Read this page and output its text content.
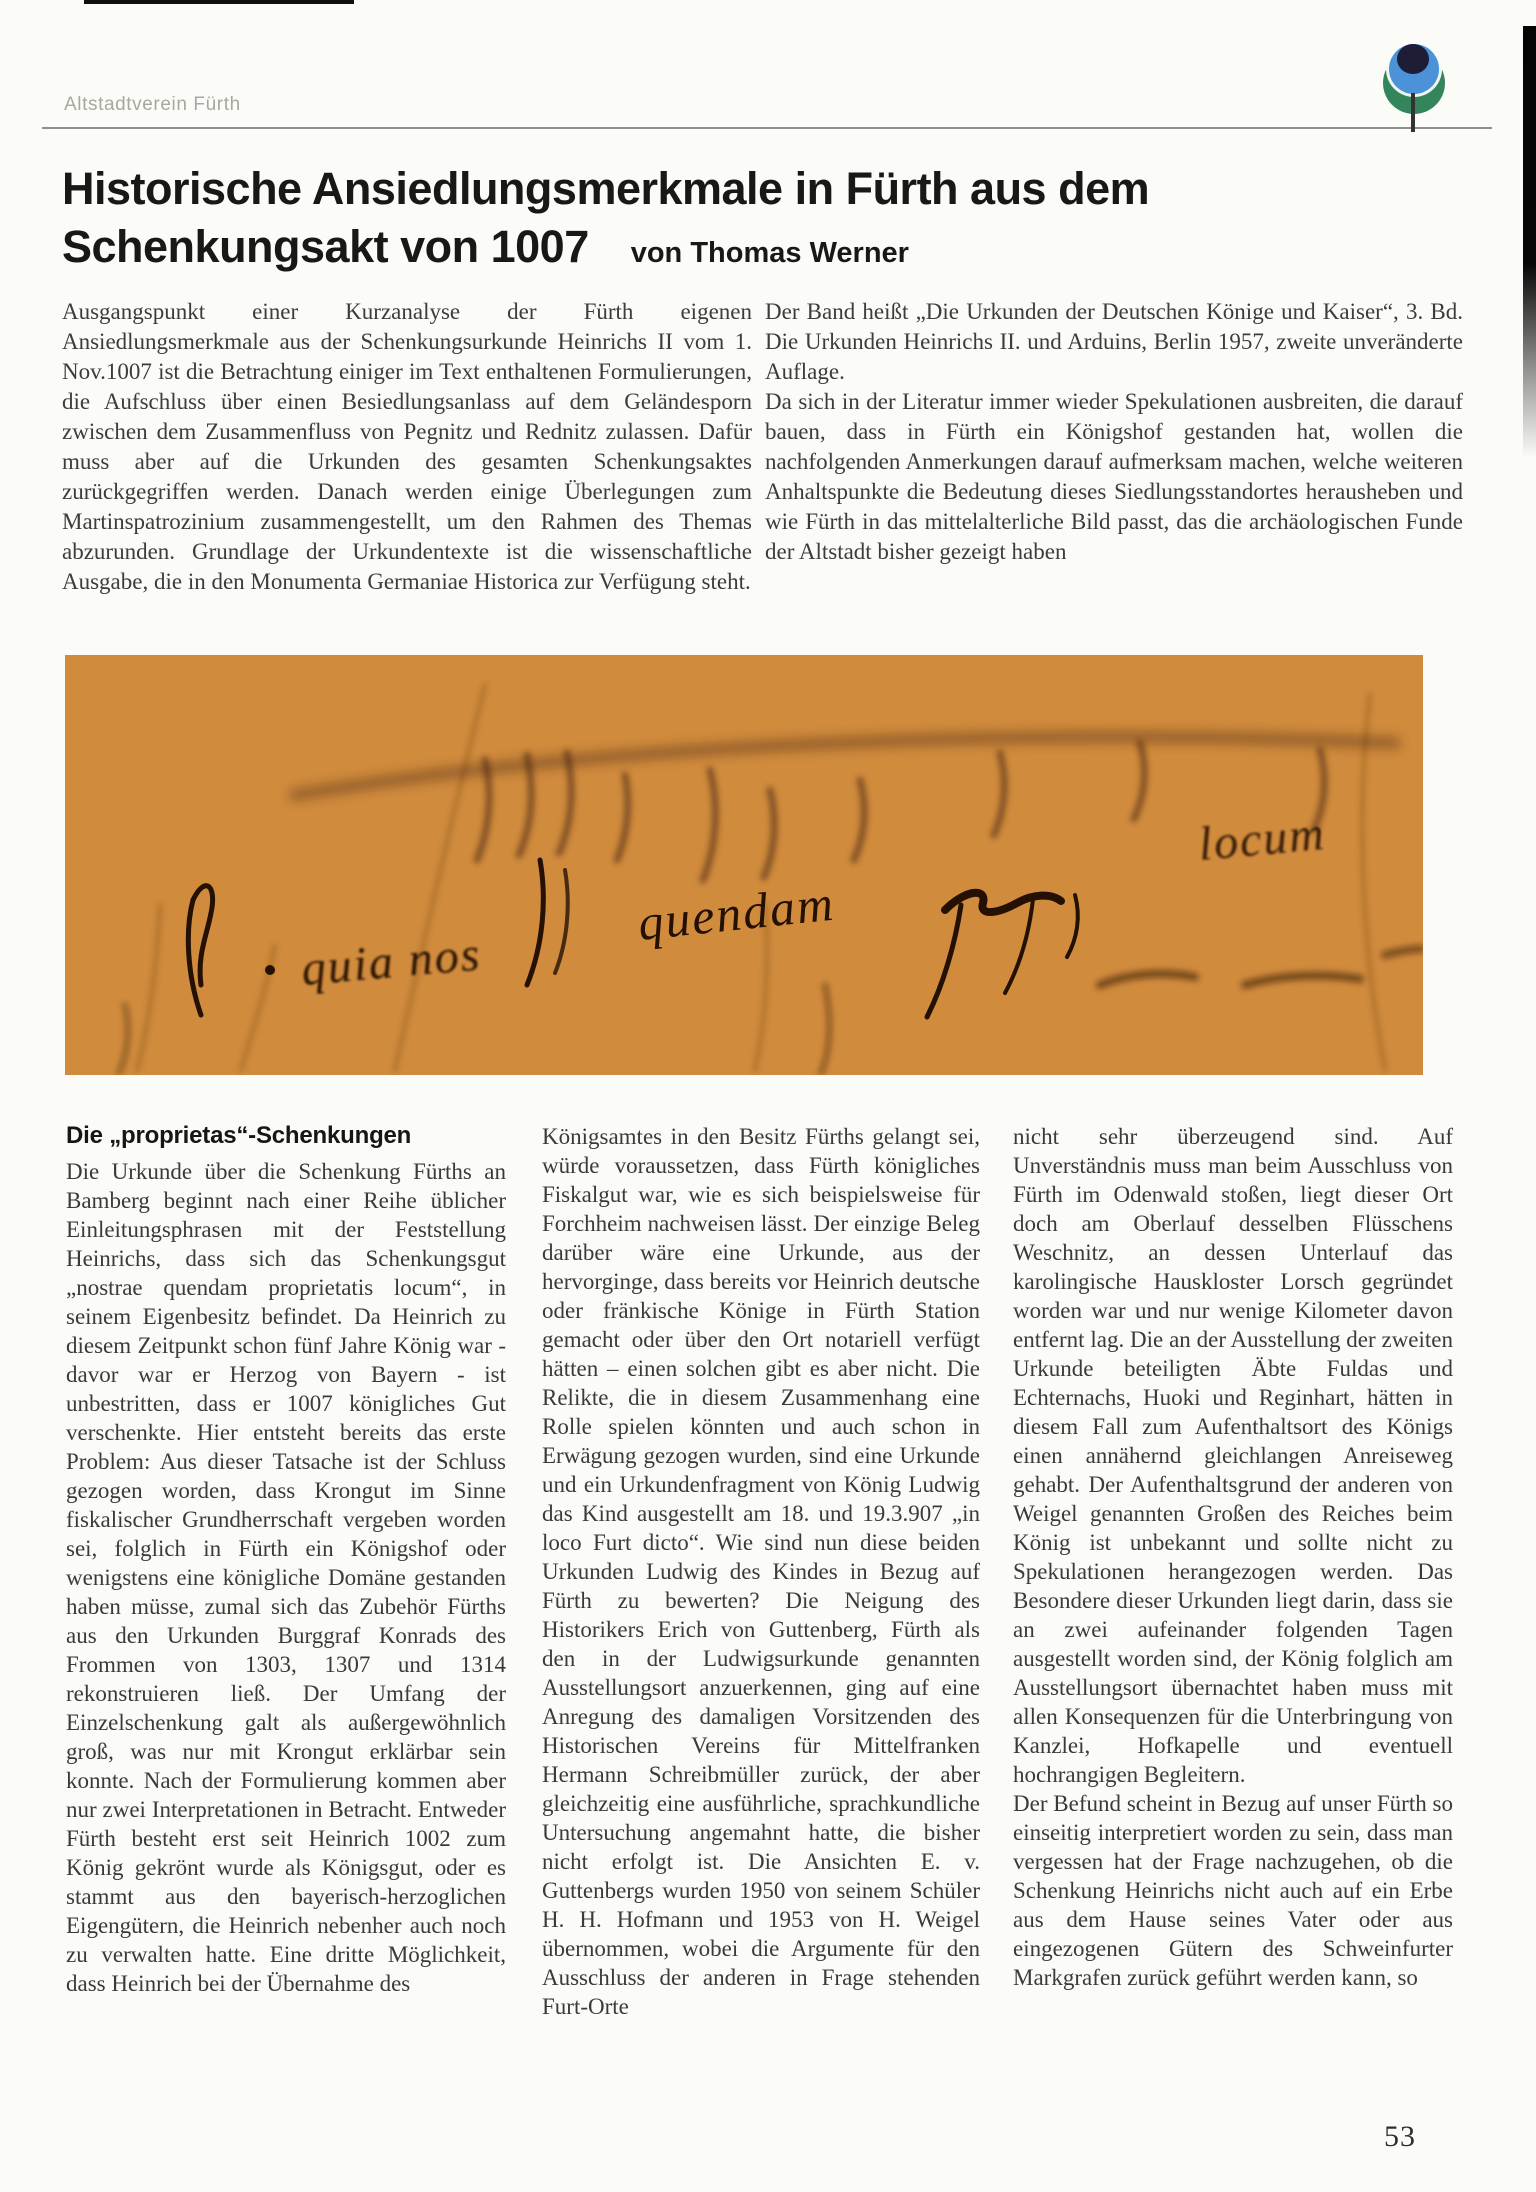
Altstadtverein Fürth
Historische Ansiedlungsmerkmale in Fürth aus dem
Schenkungsakt von 1007 von Thomas Werner

Ausgangspunkt einer Kurzanalyse der Fürth eigenen Ansiedlungsmerkmale aus der Schenkungsurkunde Heinrichs II vom 1. Nov.1007 ist die Betrachtung einiger im Text enthaltenen Formulierungen, die Aufschluss über einen Besiedlungsanlass auf dem Geländesporn zwischen dem Zusammenfluss von Pegnitz und Rednitz zulassen. Dafür muss aber auf die Urkunden des gesamten Schenkungsaktes zurückgegriffen werden. Danach werden einige Überlegungen zum Martinspatrozinium zusammengestellt, um den Rahmen des Themas abzurunden. Grundlage der Urkundentexte ist die wissenschaftliche Ausgabe, die in den Monumenta Germaniae Historica zur Verfügung steht.

Der Band heißt „Die Urkunden der Deutschen Könige und Kaiser“, 3. Bd. Die Urkunden Heinrichs II. und Arduins, Berlin 1957, zweite unveränderte Auflage.

Da sich in der Literatur immer wieder Spekulationen ausbreiten, die darauf bauen, dass in Fürth ein Königshof gestanden hat, wollen die nachfolgenden Anmerkungen darauf aufmerksam machen, welche weiteren Anhaltspunkte die Bedeutung dieses Siedlungsstandortes herausheben und wie Fürth in das mittelalterliche Bild passt, das die archäologischen Funde der Altstadt bisher gezeigt haben

quia nos
quendam
locum
Die „proprietas“-Schenkungen

Die Urkunde über die Schenkung Fürths an Bamberg beginnt nach einer Reihe üblicher Einleitungsphrasen mit der Feststellung Heinrichs, dass sich das Schenkungsgut „nostrae quendam proprietatis locum“, in seinem Eigenbesitz befindet. Da Heinrich zu diesem Zeitpunkt schon fünf Jahre König war - davor war er Herzog von Bayern - ist unbestritten, dass er 1007 königliches Gut verschenkte. Hier entsteht bereits das erste Problem: Aus dieser Tatsache ist der Schluss gezogen worden, dass Krongut im Sinne fiskalischer Grundherrschaft vergeben worden sei, folglich in Fürth ein Königshof oder wenigstens eine königliche Domäne gestanden haben müsse, zumal sich das Zubehör Fürths aus den Urkunden Burggraf Konrads des Frommen von 1303, 1307 und 1314 rekonstruieren ließ. Der Umfang der Einzelschenkung galt als außergewöhnlich groß, was nur mit Krongut erklärbar sein konnte. Nach der Formulierung kommen aber nur zwei Interpretationen in Betracht. Entweder Fürth besteht erst seit Heinrich 1002 zum König gekrönt wurde als Königsgut, oder es stammt aus den bayerisch-herzoglichen Eigengütern, die Heinrich nebenher auch noch zu verwalten hatte. Eine dritte Möglichkeit, dass Heinrich bei der Übernahme des

Königsamtes in den Besitz Fürths gelangt sei, würde voraussetzen, dass Fürth königliches Fiskalgut war, wie es sich beispielsweise für Forchheim nachweisen lässt. Der einzige Beleg darüber wäre eine Urkunde, aus der hervorginge, dass bereits vor Heinrich deutsche oder fränkische Könige in Fürth Station gemacht oder über den Ort notariell verfügt hätten – einen solchen gibt es aber nicht. Die Relikte, die in diesem Zusammenhang eine Rolle spielen könnten und auch schon in Erwägung gezogen wurden, sind eine Urkunde und ein Urkundenfragment von König Ludwig das Kind ausgestellt am 18. und 19.3.907 „in loco Furt dicto“. Wie sind nun diese beiden Urkunden Ludwig des Kindes in Bezug auf Fürth zu bewerten? Die Neigung des Historikers Erich von Guttenberg, Fürth als den in der Ludwigsurkunde genannten Ausstellungsort anzuerkennen, ging auf eine Anregung des damaligen Vorsitzenden des Historischen Vereins für Mittelfranken Hermann Schreibmüller zurück, der aber gleichzeitig eine ausführliche, sprachkundliche Untersuchung angemahnt hatte, die bisher nicht erfolgt ist. Die Ansichten E. v. Guttenbergs wurden 1950 von seinem Schüler H. H. Hofmann und 1953 von H. Weigel übernommen, wobei die Argumente für den Ausschluss der anderen in Frage stehenden Furt-Orte

nicht sehr überzeugend sind. Auf Unverständnis muss man beim Ausschluss von Fürth im Odenwald stoßen, liegt dieser Ort doch am Oberlauf desselben Flüsschens Weschnitz, an dessen Unterlauf das karolingische Hauskloster Lorsch gegründet worden war und nur wenige Kilometer davon entfernt lag. Die an der Ausstellung der zweiten Urkunde beteiligten Äbte Fuldas und Echternachs, Huoki und Reginhart, hätten in diesem Fall zum Aufenthaltsort des Königs einen annähernd gleichlangen Anreiseweg gehabt. Der Aufenthaltsgrund der anderen von Weigel genannten Großen des Reiches beim König ist unbekannt und sollte nicht zu Spekulationen herangezogen werden. Das Besondere dieser Urkunden liegt darin, dass sie an zwei aufeinander folgenden Tagen ausgestellt worden sind, der König folglich am Ausstellungsort übernachtet haben muss mit allen Konsequenzen für die Unterbringung von Kanzlei, Hofkapelle und eventuell hochrangigen Begleitern.

Der Befund scheint in Bezug auf unser Fürth so einseitig interpretiert worden zu sein, dass man vergessen hat der Frage nachzugehen, ob die Schenkung Heinrichs nicht auch auf ein Erbe aus dem Hause seines Vater oder aus eingezogenen Gütern des Schweinfurter Markgrafen zurück geführt werden kann, so

53
